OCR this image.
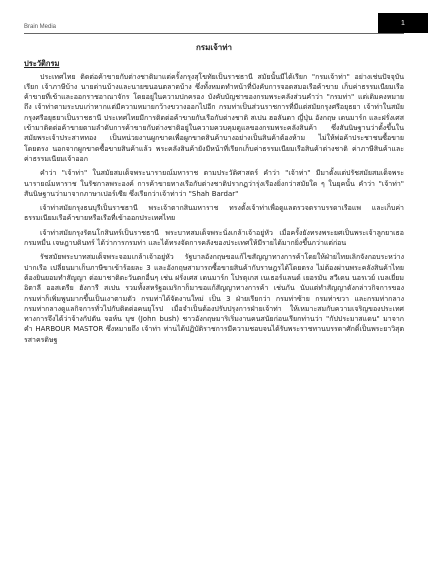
Brain Media
1
กรมเจ้าท่า
ประวัติกรม

ประเทศไทย ติดต่อค้าขายกับต่างชาติมาแต่ครั้งกรุงสุโขทัยเป็นราชธานี สมัยนั้นมีได้เรียก "กรมเจ้าท่า" อย่างเช่นปัจจุบัน เรียก เจ้าภาษีบ้าง นายด่านบ้างและนายขนอนตลาดบ้าง ซึ่งทั้งหมดทำหน้าที่บังคับการจอดสมอเรือค้าขาย เก็บค่าธรรมเนียมเรือค้าขายที่เข้าและออกราชอาณาจักร โดยอยู่ในความปกครอง บังคับบัญชาของกรมพระคลังส่วนคำว่า "กรมท่า" แต่เดิมคงหมายถึง เจ้าท่าตามระบบเก่าหากแต่มีความหมายกว้างขวางออกไปอีก กรมท่าเป็นส่วนราชการที่มีแต่สมัยกรุงศรีอยุธยา เจ้าท่าในสมัยกรุงศรีอยุธยาเป็นราชธานี ประเทศไทยมีการติดต่อค้าขายกับเรือกับต่างชาติ สเปน ฮอลันดา ญี่ปุ่น อังกฤษ เดนมาร์ก และฝรั่งเศสเข้ามาติดต่อค้าขายตามลำดับการค้าขายกับต่างชาติอยู่ในความควบคุมดูแลของกรมพระคลังสินค้า ซึ่งสันนิษฐานว่าตั้งขึ้นในสมัยพระเจ้าประสาททอง เป็นหน่วยงานผูกขาดเพื่อผูกขาดสินค้าบางอย่างเป็นสินค้าต้องห้าม ไม่ให้พ่อค้าประชาชนซื้อขายโดยตรง นอกจากผูกขาดซื้อขายสินค้าแล้ว พระคลังสินค้ายังมีหน้าที่เรียกเก็บค่าธรรมเนียมเรือสินค้าต่างชาติ ค่าภาษีสินค้าและค่าธรรมเนียมเจ้าออก

คำว่า "เจ้าท่า" ในสมัยสมเด็จพระนารายณ์มหาราช ตามประวัติศาสตร์ คำว่า "เจ้าท่า" มีมาตั้งแต่ปรัชสมัยสมเด็จพระนารายณ์มหาราช ในรัชกาลพระองค์ การค้าขายทางเรือกับต่างชาติปรากฏว่ารุ่งเรืองยิ่งกว่าสมัยใด ๆ ในยุคนั้น คำว่า "เจ้าท่า" สันนิษฐานว่ามาจากภาษาเปอร์เซีย ซึ่งเรียกว่าเจ้าท่าว่า "Shah Bardar"

เจ้าท่าสมัยกรุงธนบุรีเป็นราชธานี พระเจ้าตากสินมหาราช ทรงตั้งเจ้าท่าเพื่อดูแลตรวจตราบรรดาเรือแพ และเก็บค่าธรรมเนียมเรือค้าขายหรือเรือที่เข้าออกประเทศไทย

เจ้าท่าสมัยกรุงรัตนโกสินทร์เป็นราชธานี พระบาทสมเด็จพระนั่งเกล้าเจ้าอยู่หัว เมื่อครั้งยังทรงพระยศเป็นพระเจ้าลูกยาเธอกรมหมื่น เจษฎาบดินทร์ ได้ว่าการกรมท่า และได้ทรงจัดการคลังของประเทศให้มีรายได้มากยิ่งขึ้นกว่าแต่ก่อน

รัชสมัยพระบาทสมเด็จพระจอมเกล้าเจ้าอยู่หัว รัฐบาลอังกฤษขอแก้ไขสัญญาทางการค้าโดยให้ฝ่ายไทยเลิกจังกอบระหว่างปากเรือ เปลี่ยนมาเก็บภาษีขาเข้าร้อยละ 3 และอังกฤษสามารถซื้อขายสินค้ากับราษฎรได้โดยตรง ไม่ต้องผ่านพระคลังสินค้าไทยต้องยินยอมทำสัญญา ต่อมาชาติตะวันตกอื่นๆ เช่น ฝรั่งเศส เดนมาร์ก โปรตุเกส เนเธอร์แลนด์ เยอรมัน สวีเดน นอรเวย์ เบลเยี่ยม อิตาลี ออสเตรีย ฮังการี สเปน รวมทั้งสหรัฐอเมริกาก็มาขอแก้สัญญาทางการค้า เช่นกัน นับแต่ทำสัญญาดังกล่าวกิจการของกรมท่าก็เพิ่มพูนมากขึ้นเป็นเงาตามตัว กรมท่าได้จัดงานใหม่ เป็น 3 ฝ่ายเรียกว่า กรมท่าซ้าย กรมท่าขวา และกรมท่ากลาง กรมท่ากลางดูแลกิจการทั่วไปกับติดต่อคนยุโรป เมื่อจำเป็นต้องปรับปรุงการฝ่ายเจ้าท่า ให้เหมาะสมกับความเจริญของประเทศทางการจึงได้ว่าจ้างกัปตัน จอห์น บุช (John bush) ชาวอังกฤษมาริเริ่มงานคนสนัยก่อนเรียกท่านว่า "กัปประมาสแดน" มาจากคำ HARBOUR MASTOR ซึ่งหมายถึง เจ้าท่า ท่านได้ปฏิบัติราชการมีความชอบจนได้รับพระราชทานบรรดาศักดิ์เป็นพระยาวิสุตรสาครดิษฐ
